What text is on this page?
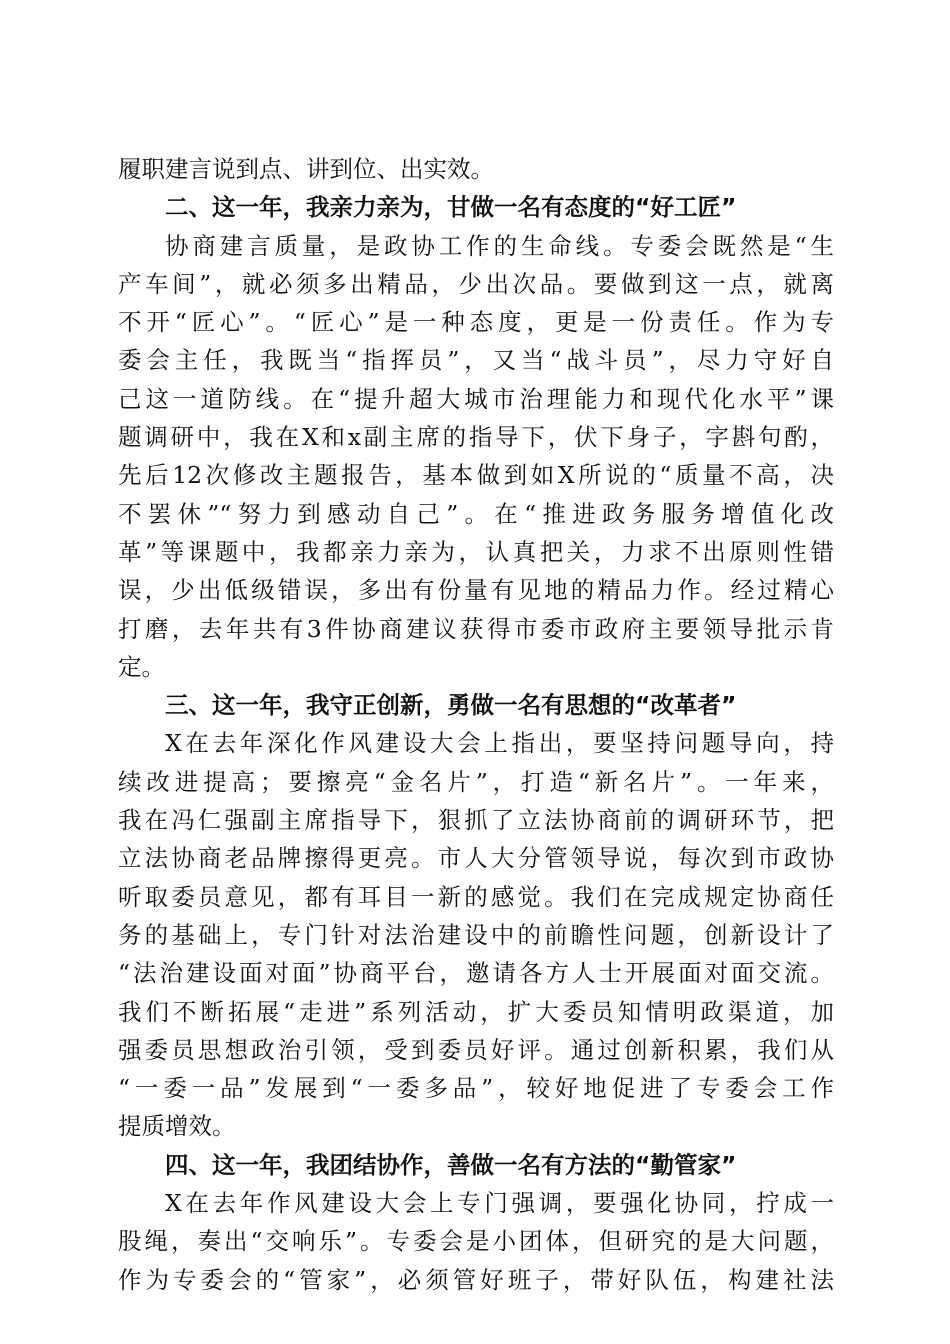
履职建言说到点、讲到位、出实效。
二、这一年，我亲力亲为，甘做一名有态度的“好工匠”
协商建言质量，是政协工作的生命线。专委会既然是“生
产车间”，就必须多出精品，少出次品。要做到这一点，就离
不开“匠心”。“匠心”是一种态度，更是一份责任。作为专
委会主任，我既当“指挥员”，又当“战斗员”，尽力守好自
己这一道防线。在“提升超大城市治理能力和现代化水平”课
题调研中，我在X和x副主席的指导下，伏下身子，字斟句酌，
先后12次修改主题报告，基本做到如X所说的“质量不高，决
不罢休”“努力到感动自己”。在“推进政务服务增值化改
革”等课题中，我都亲力亲为，认真把关，力求不出原则性错
误，少出低级错误，多出有份量有见地的精品力作。经过精心
打磨，去年共有3件协商建议获得市委市政府主要领导批示肯
定。
三、这一年，我守正创新，勇做一名有思想的“改革者”
X在去年深化作风建设大会上指出，要坚持问题导向，持
续改进提高；要擦亮“金名片”，打造“新名片”。一年来，
我在冯仁强副主席指导下，狠抓了立法协商前的调研环节，把
立法协商老品牌擦得更亮。市人大分管领导说，每次到市政协
听取委员意见，都有耳目一新的感觉。我们在完成规定协商任
务的基础上，专门针对法治建设中的前瞻性问题，创新设计了
“法治建设面对面”协商平台，邀请各方人士开展面对面交流。
我们不断拓展“走进”系列活动，扩大委员知情明政渠道，加
强委员思想政治引领，受到委员好评。通过创新积累，我们从
“一委一品”发展到“一委多品”，较好地促进了专委会工作
提质增效。
四、这一年，我团结协作，善做一名有方法的“勤管家”
X在去年作风建设大会上专门强调，要强化协同，拧成一
股绳，奏出“交响乐”。专委会是小团体，但研究的是大问题，
作为专委会的“管家”，必须管好班子，带好队伍，构建社法
